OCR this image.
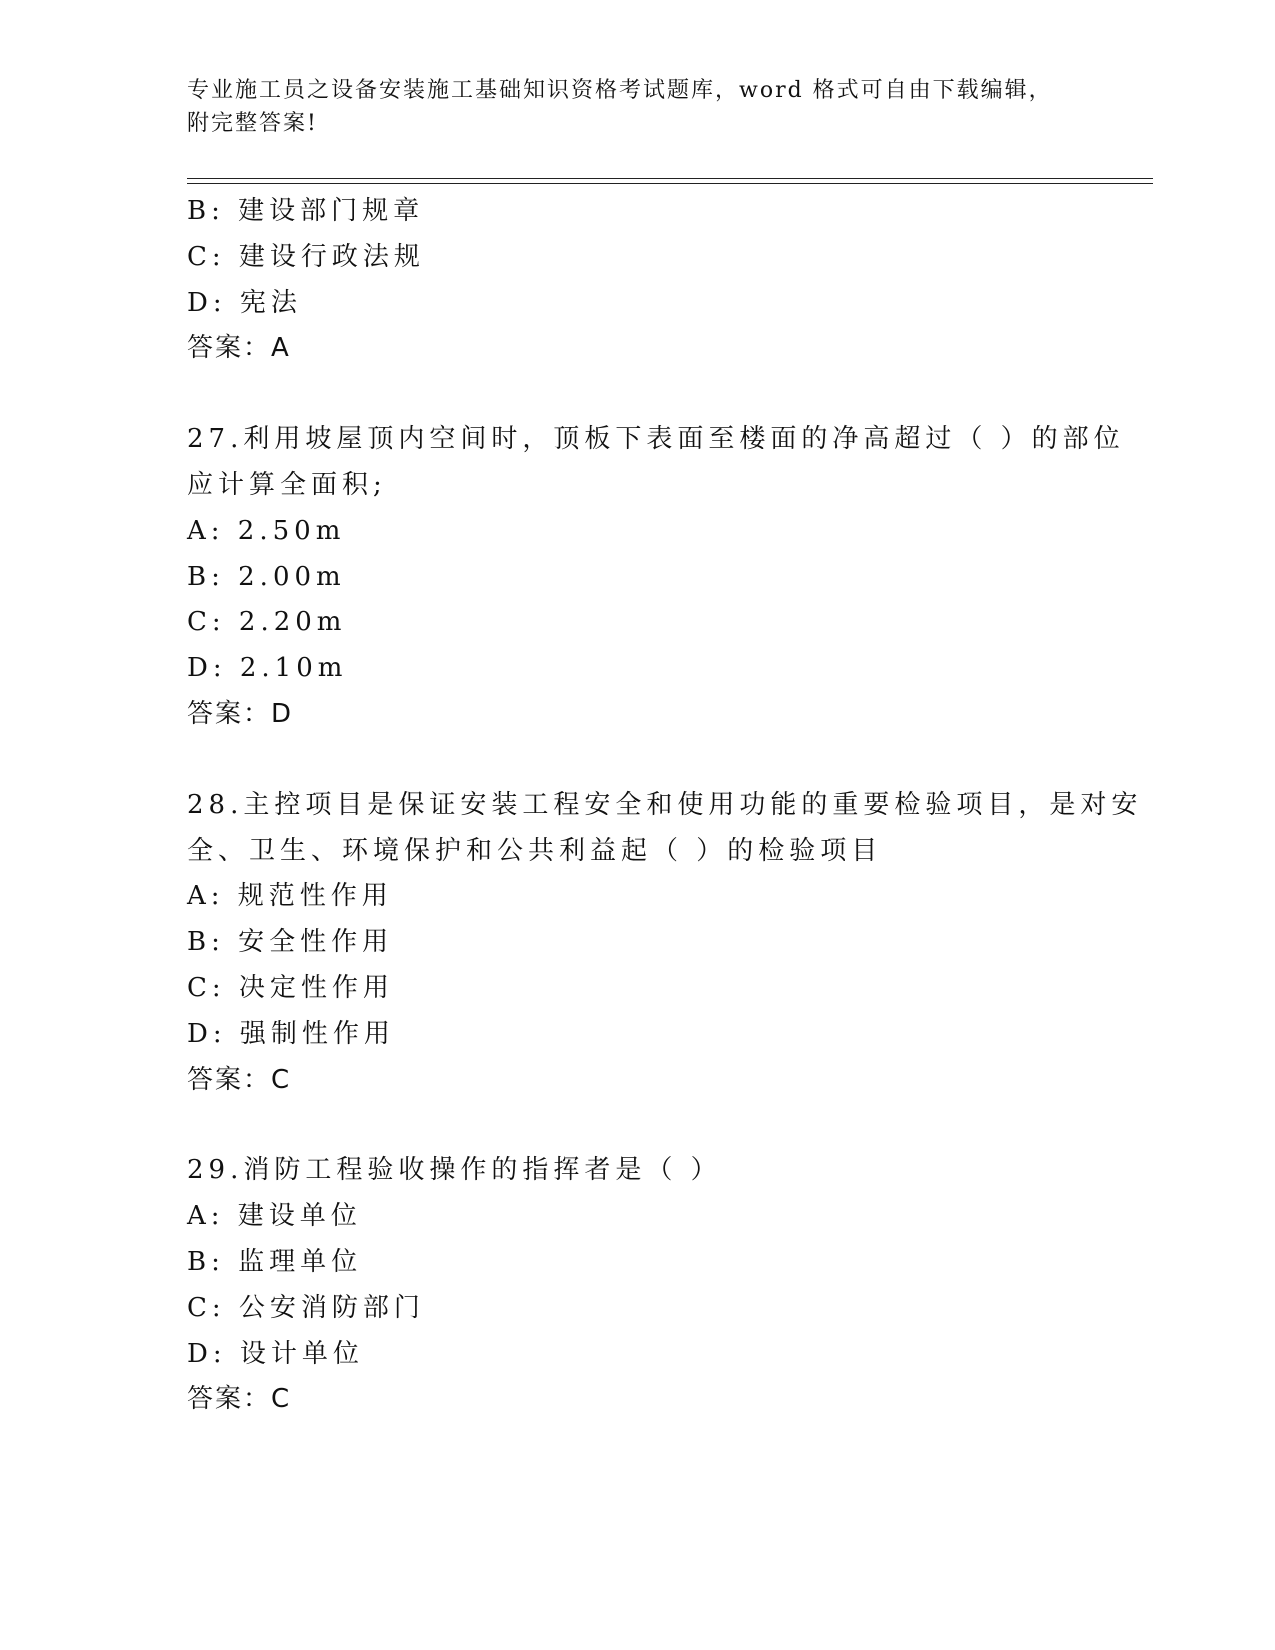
专业施工员之设备安装施工基础知识资格考试题库，word 格式可自由下载编辑，
附完整答案!
B: 建设部门规章
C: 建设行政法规
D: 宪法
答案：A
27.利用坡屋顶内空间时，顶板下表面至楼面的净高超过（ ）的部位
应计算全面积;
A: 2.50m
B: 2.00m
C: 2.20m
D: 2.10m
答案：D
28.主控项目是保证安装工程安全和使用功能的重要检验项目，是对安
全、卫生、环境保护和公共利益起（ ）的检验项目
A: 规范性作用
B: 安全性作用
C: 决定性作用
D: 强制性作用
答案：C
29.消防工程验收操作的指挥者是（ ）
A: 建设单位
B: 监理单位
C: 公安消防部门
D: 设计单位
答案：C
